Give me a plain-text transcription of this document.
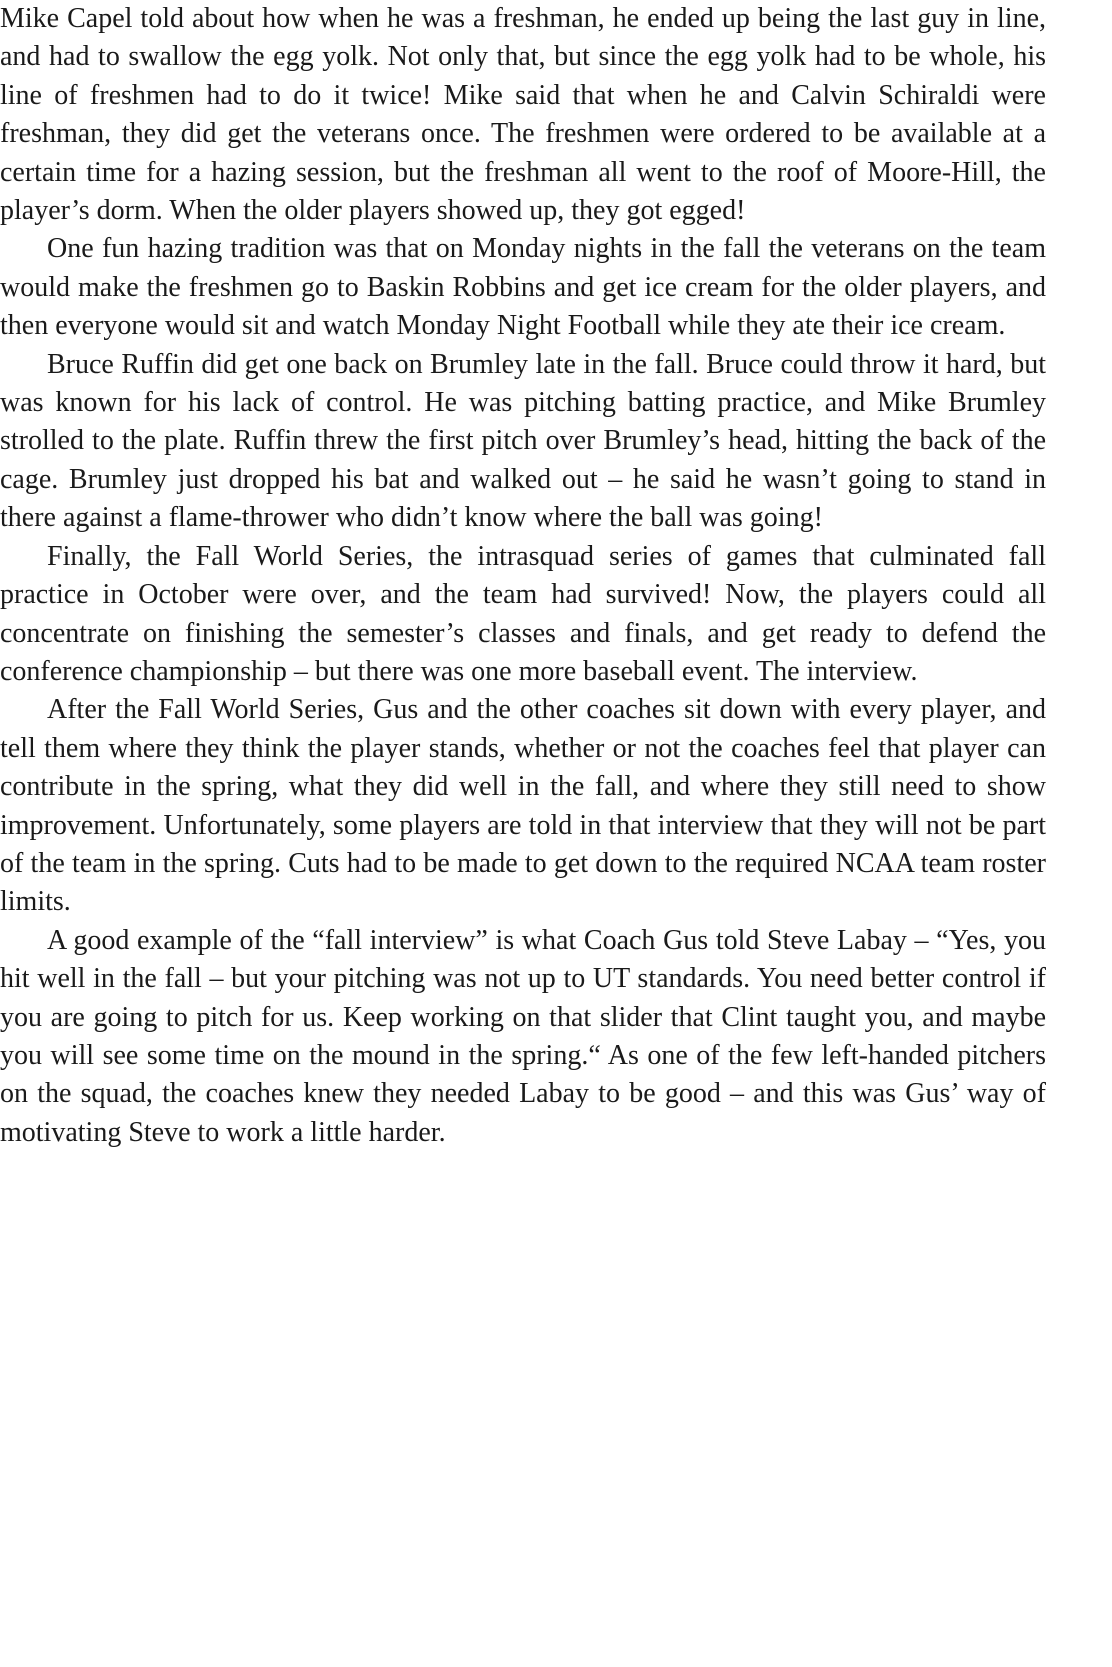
Mike Capel told about how when he was a freshman, he ended up being the last guy in line, and had to swallow the egg yolk. Not only that, but since the egg yolk had to be whole, his line of freshmen had to do it twice! Mike said that when he and Calvin Schiraldi were freshman, they did get the veterans once. The freshmen were ordered to be available at a certain time for a hazing session, but the freshman all went to the roof of Moore-Hill, the player’s dorm. When the older players showed up, they got egged!

One fun hazing tradition was that on Monday nights in the fall the veterans on the team would make the freshmen go to Baskin Robbins and get ice cream for the older players, and then everyone would sit and watch Monday Night Football while they ate their ice cream.

Bruce Ruffin did get one back on Brumley late in the fall. Bruce could throw it hard, but was known for his lack of control. He was pitching batting practice, and Mike Brumley strolled to the plate. Ruffin threw the first pitch over Brumley’s head, hitting the back of the cage. Brumley just dropped his bat and walked out – he said he wasn’t going to stand in there against a flame-thrower who didn’t know where the ball was going!

Finally, the Fall World Series, the intrasquad series of games that culminated fall practice in October were over, and the team had survived! Now, the players could all concentrate on finishing the semester’s classes and finals, and get ready to defend the conference championship – but there was one more baseball event. The interview.

After the Fall World Series, Gus and the other coaches sit down with every player, and tell them where they think the player stands, whether or not the coaches feel that player can contribute in the spring, what they did well in the fall, and where they still need to show improvement. Unfortunately, some players are told in that interview that they will not be part of the team in the spring. Cuts had to be made to get down to the required NCAA team roster limits.

A good example of the “fall interview” is what Coach Gus told Steve Labay – “Yes, you hit well in the fall – but your pitching was not up to UT standards. You need better control if you are going to pitch for us. Keep working on that slider that Clint taught you, and maybe you will see some time on the mound in the spring.“ As one of the few left-handed pitchers on the squad, the coaches knew they needed Labay to be good – and this was Gus’ way of motivating Steve to work a little harder.
